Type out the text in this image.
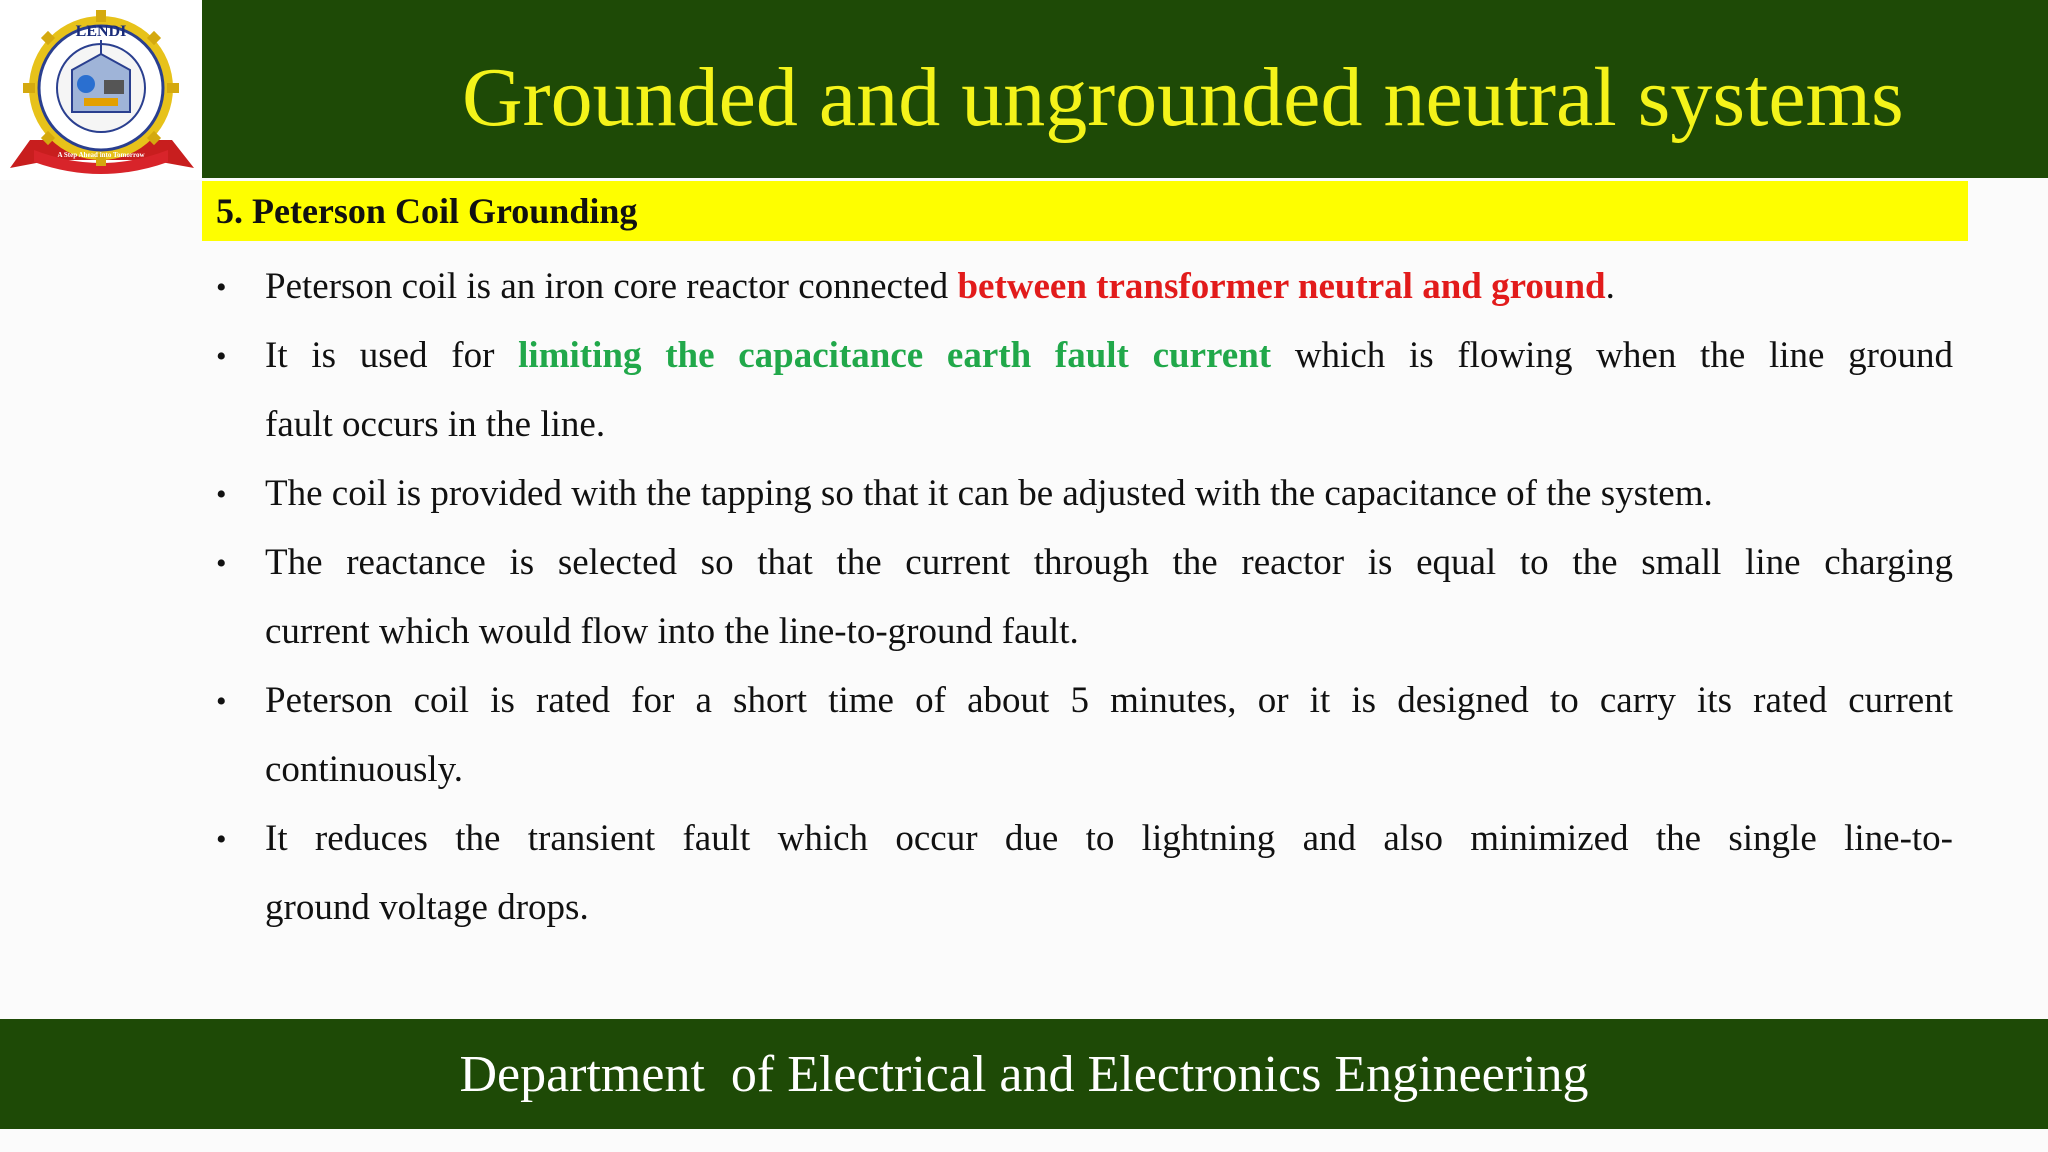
LENDI
A Step Ahead into Tomorrow
Grounded and ungrounded neutral systems
5. Peterson Coil Grounding
• Peterson coil is an iron core reactor connected between transformer neutral and ground.
• It is used for limiting the capacitance earth fault current which is flowing when the line ground
fault occurs in the line.
• The coil is provided with the tapping so that it can be adjusted with the capacitance of the system.
• The reactance is selected so that the current through the reactor is equal to the small line charging
current which would flow into the line-to-ground fault.
• Peterson coil is rated for a short time of about 5 minutes, or it is designed to carry its rated current
continuously.
• It reduces the transient fault which occur due to lightning and also minimized the single line-to-
ground voltage drops.
Department  of Electrical and Electronics Engineering
